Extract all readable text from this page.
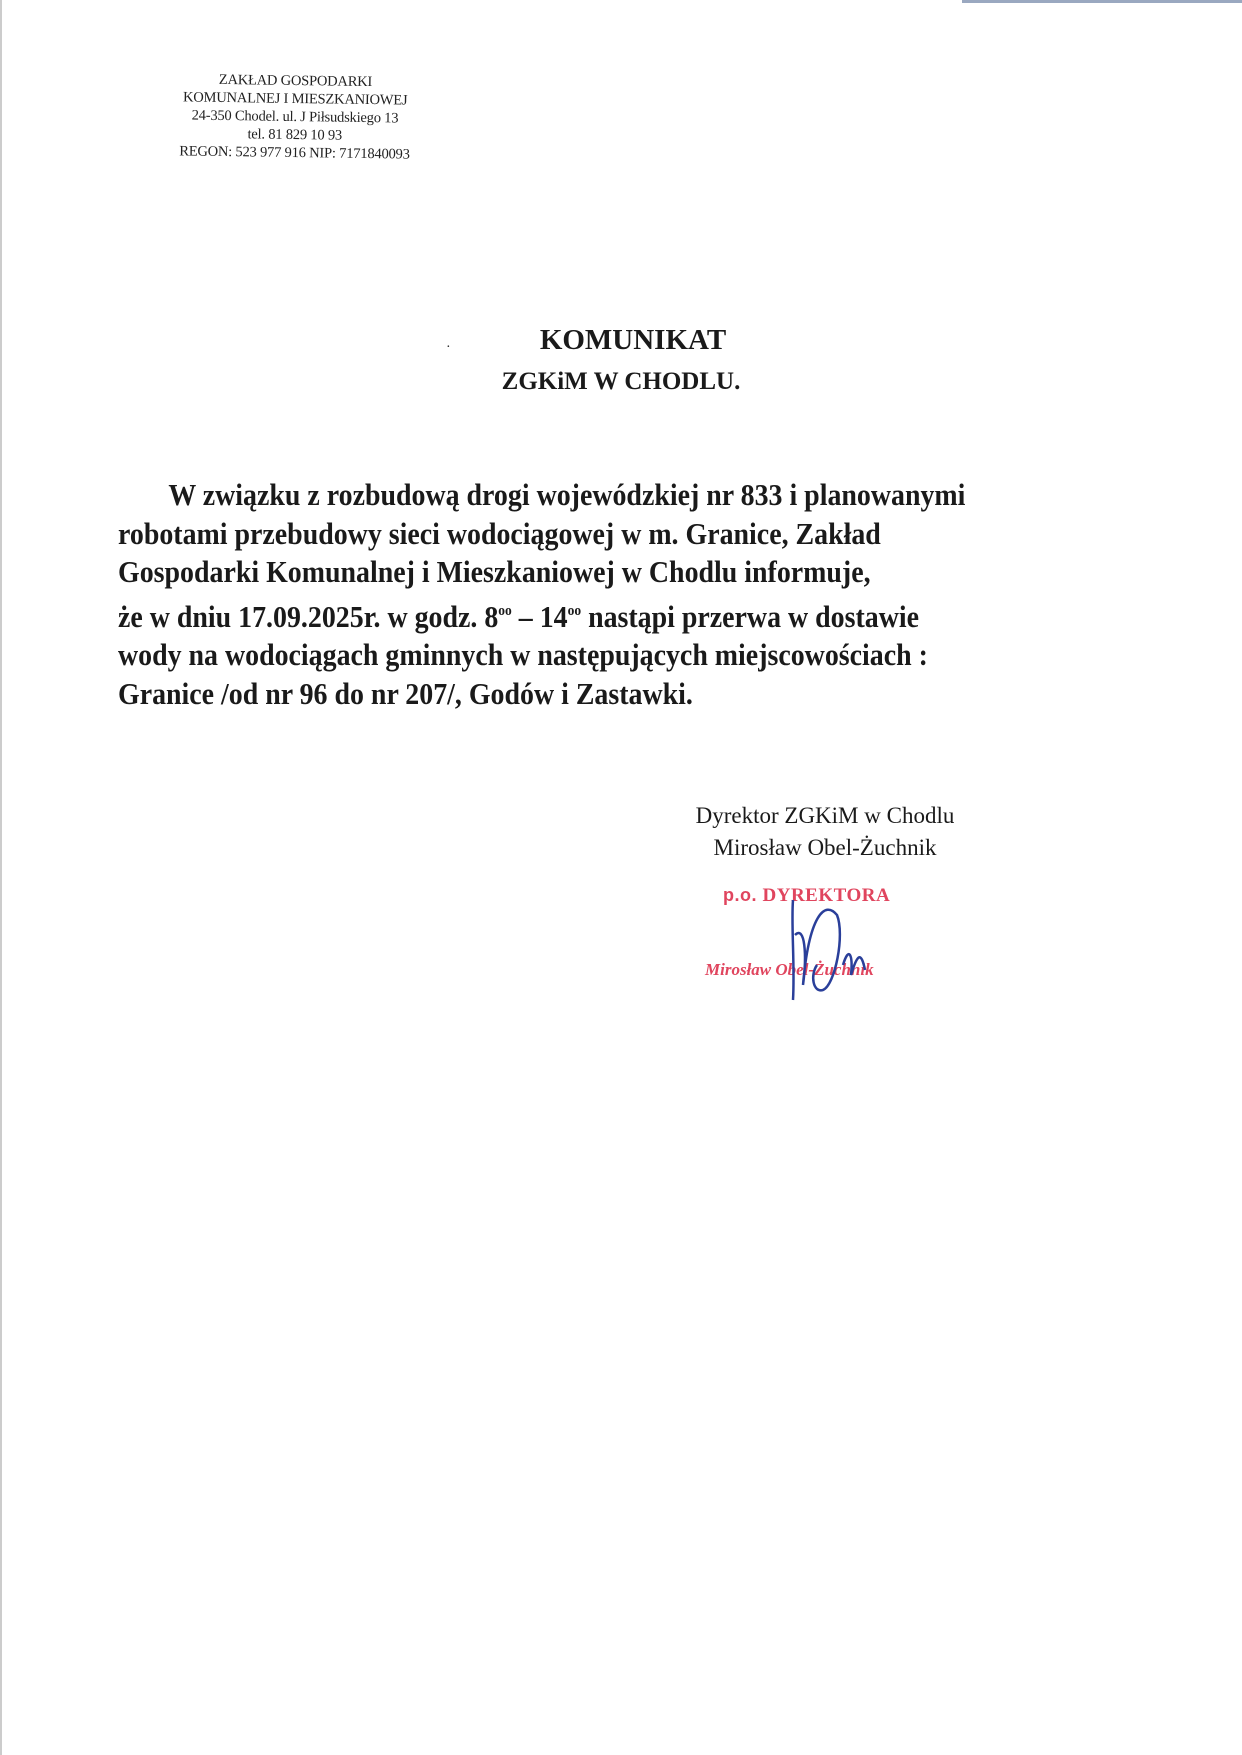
ZAKŁAD GOSPODARKI
KOMUNALNEJ I MIESZKANIOWEJ
24-350 Chodel. ul. J Piłsudskiego 13
tel. 81 829 10 93
REGON: 523 977 916 NIP: 7171840093
·	KOMUNIKAT
ZGKiM W CHODLU.
W związku z rozbudową drogi wojewódzkiej nr 833 i planowanymi
robotami przebudowy sieci wodociągowej w m. Granice, Zakład
Gospodarki Komunalnej i Mieszkaniowej w Chodlu informuje,
że w dniu 17.09.2025r. w godz. $8^{oo} - 14^{oo}$ nastąpi przerwa w dostawie
wody na wodociągach gminnych w następujących miejscowościach :
Granice /od nr 96 do nr 207/, Godów i Zastawki.
Dyrektor ZGKiM w Chodlu
Mirosław Obel-Żuchnik
p.o. DYREKTORA
Mirosław Obel-Żuchnik
